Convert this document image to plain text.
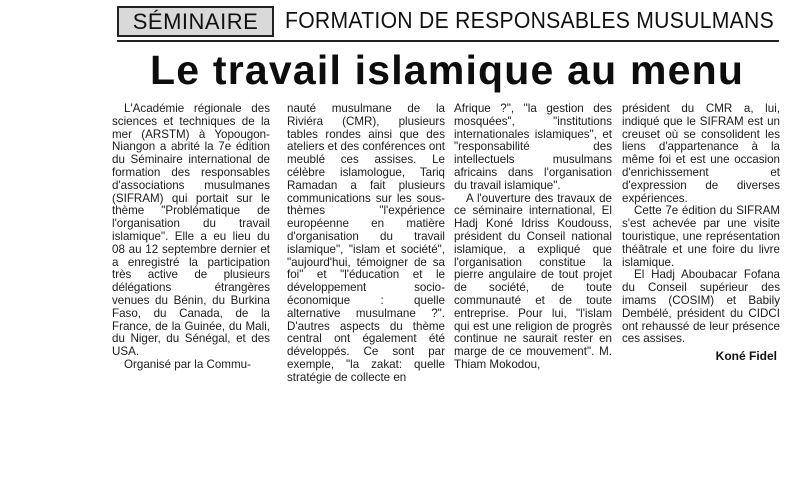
SÉMINAIRE FORMATION DE RESPONSABLES MUSULMANS
Le travail islamique au menu

L'Académie régionale des sciences et techniques de la mer (ARSTM) à Yopougon-Niangon a abrité la 7e édition du Séminaire international de formation des responsables d'associations musulmanes (SIFRAM) qui portait sur le thème "Problématique de l'organisation du travail islamique". Elle a eu lieu du 08 au 12 septembre dernier et a enregistré la participation très active de plusieurs délégations étrangères venues du Bénin, du Burkina Faso, du Canada, de la France, de la Guinée, du Mali, du Niger, du Sénégal, et des USA.

Organisé par la Commu-

nauté musulmane de la Riviéra (CMR), plusieurs tables rondes ainsi que des ateliers et des conférences ont meublé ces assises. Le célèbre islamologue, Tariq Ramadan a fait plusieurs communications sur les sous-thèmes "l'expérience européenne en matière d'organisation du travail islamique", "islam et société", "aujourd'hui, témoigner de sa foi" et "l'éducation et le développement socio-économique : quelle alternative musulmane ?". D'autres aspects du thème central ont également été développés. Ce sont par exemple, "la zakat: quelle stratégie de collecte en

Afrique ?", "la gestion des mosquées", "institutions internationales islamiques", et "responsabilité des intellectuels musulmans africains dans l'organisation du travail islamique".

A l'ouverture des travaux de ce séminaire international, El Hadj Koné Idriss Koudouss, président du Conseil national islamique, a expliqué que l'organisation constitue la pierre angulaire de tout projet de société, de toute communauté et de toute entreprise. Pour lui, "l'islam qui est une religion de progrès continue ne saurait rester en marge de ce mouvement". M. Thiam Mokodou,

président du CMR a, lui, indiqué que le SIFRAM est un creuset où se consolident les liens d'appartenance à la même foi et est une occasion d'enrichissement et d'expression de diverses expériences.

Cette 7e édition du SIFRAM s'est achevée par une visite touristique, une représentation théâtrale et une foire du livre islamique.

El Hadj Aboubacar Fofana du Conseil supérieur des imams (COSIM) et Babily Dembélé, président du CIDCI ont rehaussé de leur présence ces assises.

Koné Fidel
